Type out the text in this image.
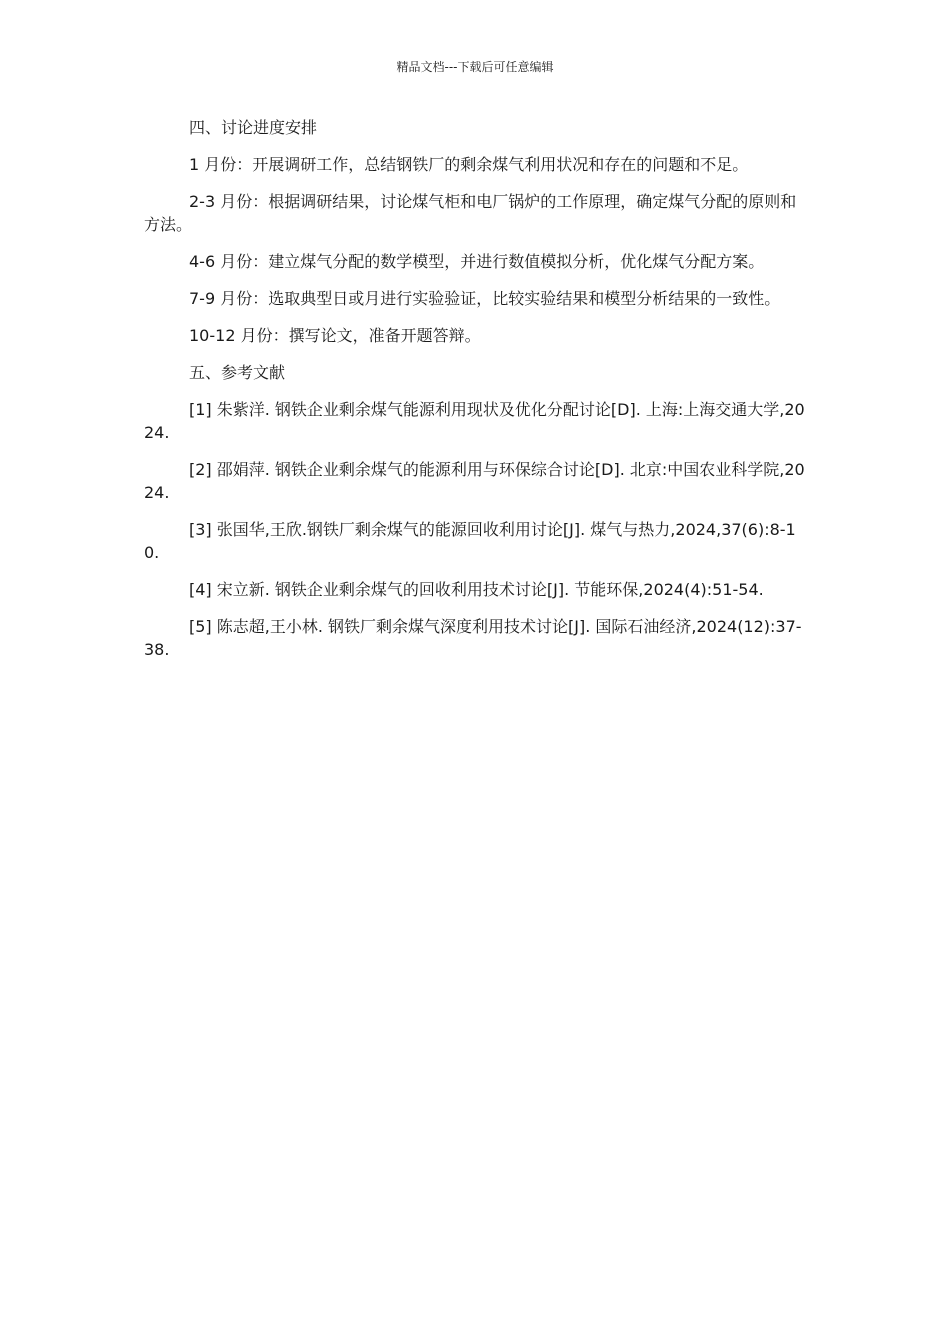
精品文档---下载后可任意编辑

四、讨论进度安排

1 月份：开展调研工作，总结钢铁厂的剩余煤气利用状况和存在的问题和不足。

2-3 月份：根据调研结果，讨论煤气柜和电厂锅炉的工作原理，确定煤气分配的原则和方法。

4-6 月份：建立煤气分配的数学模型，并进行数值模拟分析，优化煤气分配方案。

7-9 月份：选取典型日或月进行实验验证，比较实验结果和模型分析结果的一致性。

10-12 月份：撰写论文，准备开题答辩。

五、参考文献

[1] 朱紫洋. 钢铁企业剩余煤气能源利用现状及优化分配讨论[D]. 上海:上海交通大学,2024.

[2] 邵娟萍. 钢铁企业剩余煤气的能源利用与环保综合讨论[D]. 北京:中国农业科学院,2024.

[3] 张国华,王欣.钢铁厂剩余煤气的能源回收利用讨论[J]. 煤气与热力,2024,37(6):8-10.

[4] 宋立新. 钢铁企业剩余煤气的回收利用技术讨论[J]. 节能环保,2024(4):51-54.

[5] 陈志超,王小林. 钢铁厂剩余煤气深度利用技术讨论[J]. 国际石油经济,2024(12):37-38.
